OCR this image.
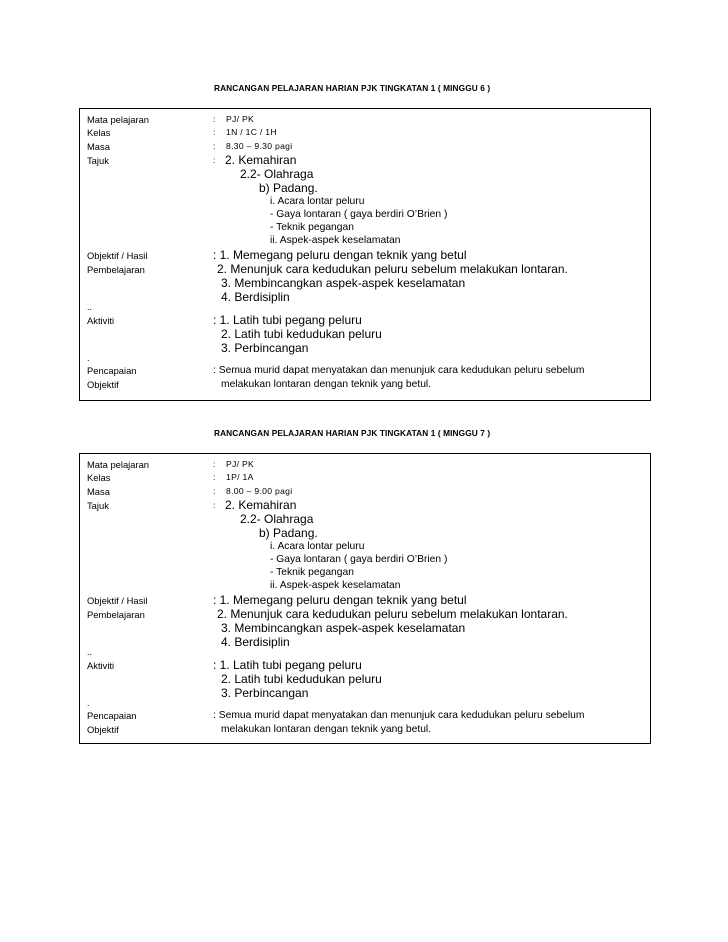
RANCANGAN PELAJARAN HARIAN PJK TINGKATAN 1 ( MINGGU 6 )
Mata pelajaran	: PJ/ PK
Kelas	: 1N / 1C / 1H
Masa	: 8.30 – 9.30 pagi
Tajuk	: 2. Kemahiran
2.2- Olahraga
b) Padang.
i. Acara lontar peluru
- Gaya lontaran ( gaya berdiri O’Brien )
- Teknik pegangan
ii. Aspek-aspek keselamatan
Objektif / Hasil
Pembelajaran
: 1. Memegang peluru dengan teknik yang betul
2. Menunjuk cara kedudukan peluru sebelum melakukan lontaran.
3. Membincangkan aspek-aspek keselamatan
4. Berdisiplin
..
Aktiviti	: 1. Latih tubi pegang peluru
2. Latih tubi kedudukan peluru
3. Perbincangan
.
Pencapaian
Objektif
: Semua murid dapat menyatakan dan menunjuk cara kedudukan peluru sebelum
melakukan lontaran dengan teknik yang betul.
RANCANGAN PELAJARAN HARIAN PJK TINGKATAN 1 ( MINGGU 7 )
Mata pelajaran	: PJ/ PK
Kelas	: 1P/ 1A
Masa	: 8.00 – 9.00 pagi
Tajuk	: 2. Kemahiran
2.2- Olahraga
b) Padang.
i. Acara lontar peluru
- Gaya lontaran ( gaya berdiri O’Brien )
- Teknik pegangan
ii. Aspek-aspek keselamatan
Objektif / Hasil
Pembelajaran
: 1. Memegang peluru dengan teknik yang betul
2. Menunjuk cara kedudukan peluru sebelum melakukan lontaran.
3. Membincangkan aspek-aspek keselamatan
4. Berdisiplin
..
Aktiviti	: 1. Latih tubi pegang peluru
2. Latih tubi kedudukan peluru
3. Perbincangan
.
Pencapaian
Objektif
: Semua murid dapat menyatakan dan menunjuk cara kedudukan peluru sebelum
melakukan lontaran dengan teknik yang betul.
